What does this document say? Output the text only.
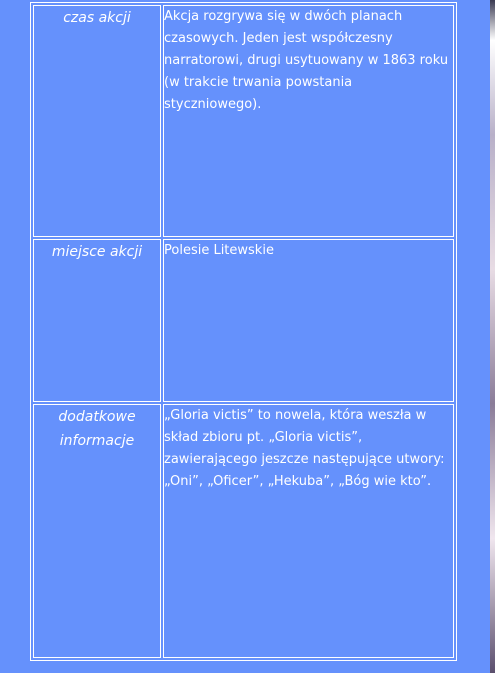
czas akcji	Akcja rozgrywa się w dwóch planach czasowych. Jeden jest współczesny narratorowi, drugi usytuowany w 1863 roku (w trakcie trwania powstania styczniowego).
miejsce akcji	Polesie Litewskie
dodatkowe informacje	„Gloria victis” to nowela, która weszła w skład zbioru pt. „Gloria victis”, zawierającego jeszcze następujące utwory: „Oni”, „Oficer”, „Hekuba”, „Bóg wie kto”.
